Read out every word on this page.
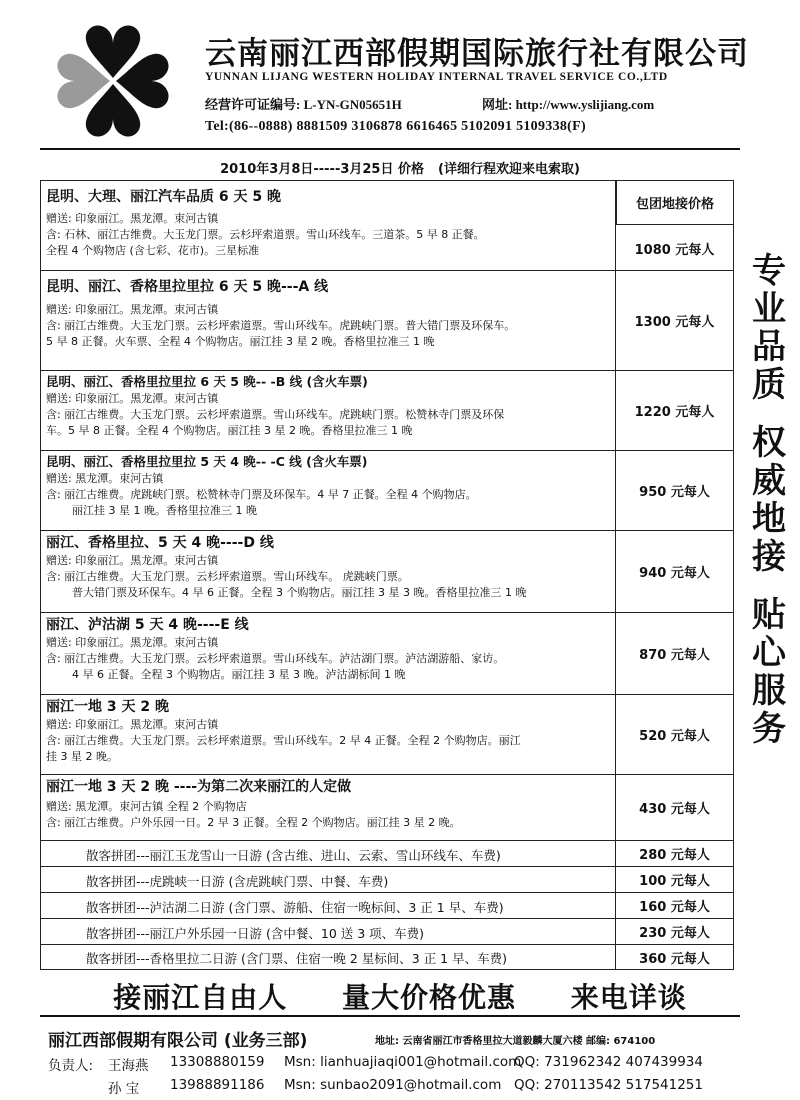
云南丽江西部假期国际旅行社有限公司
YUNNAN LIJANG WESTERN HOLIDAY INTERNAL TRAVEL SERVICE CO.,LTD
经营许可证编号: L-YN-GN05651H	网址: http://www.yslijiang.com
Tel:(86--0888) 8881509 3106878 6616465 5102091 5109338(F)
2010年3月8日-----3月25日 价格 (详细行程欢迎来电索取)
包团地接价格
昆明、大理、丽江汽车品质 6 天 5 晚
赠送: 印象丽江。黑龙潭。束河古镇
含: 石林、丽江古维费。大玉龙门票。云杉坪索道票。雪山环线车。三道茶。5 早 8 正餐。
全程 4 个购物店 (含七彩、花市)。三星标准	1080 元每人
昆明、丽江、香格里拉里拉 6 天 5 晚---A 线
赠送: 印象丽江。黑龙潭。束河古镇
含: 丽江古维费。大玉龙门票。云杉坪索道票。雪山环线车。虎跳峡门票。普大错门票及环保车。
5 早 8 正餐。火车票、全程 4 个购物店。丽江挂 3 星 2 晚。香格里拉准三 1 晚
1300 元每人
昆明、丽江、香格里拉里拉 6 天 5 晚-- -B 线 (含火车票)
赠送: 印象丽江。黑龙潭。束河古镇
含: 丽江古维费。大玉龙门票。云杉坪索道票。雪山环线车。虎跳峡门票。松赞林寺门票及环保
车。5 早 8 正餐。全程 4 个购物店。丽江挂 3 星 2 晚。香格里拉准三 1 晚
1220 元每人
昆明、丽江、香格里拉里拉 5 天 4 晚-- -C 线 (含火车票)
赠送: 黑龙潭。束河古镇
含: 丽江古维费。虎跳峡门票。松赞林寺门票及环保车。4 早 7 正餐。全程 4 个购物店。
丽江挂 3 星 1 晚。香格里拉准三 1 晚
950 元每人
丽江、香格里拉、5 天 4 晚----D 线
赠送: 印象丽江。黑龙潭。束河古镇
含: 丽江古维费。大玉龙门票。云杉坪索道票。雪山环线车。 虎跳峡门票。
普大错门票及环保车。4 早 6 正餐。全程 3 个购物店。丽江挂 3 星 3 晚。香格里拉准三 1 晚
940 元每人
丽江、泸沽湖 5 天 4 晚----E 线
赠送: 印象丽江。黑龙潭。束河古镇
含: 丽江古维费。大玉龙门票。云杉坪索道票。雪山环线车。泸沽湖门票。泸沽湖游船、家访。
4 早 6 正餐。全程 3 个购物店。丽江挂 3 星 3 晚。泸沽湖标间 1 晚
870 元每人
丽江一地 3 天 2 晚
赠送: 印象丽江。黑龙潭。束河古镇
含: 丽江古维费。大玉龙门票。云杉坪索道票。雪山环线车。2 早 4 正餐。全程 2 个购物店。丽江
挂 3 星 2 晚。
520 元每人
丽江一地 3 天 2 晚 ----为第二次来丽江的人定做
赠送: 黑龙潭。束河古镇 全程 2 个购物店
含: 丽江古维费。户外乐园一日。2 早 3 正餐。全程 2 个购物店。丽江挂 3 星 2 晚。
430 元每人
散客拼团---丽江玉龙雪山一日游 (含古维、进山、云索、雪山环线车、车费)	280 元每人
散客拼团---虎跳峡一日游 (含虎跳峡门票、中餐、车费)	100 元每人
散客拼团---泸沽湖二日游 (含门票、游船、住宿一晚标间、3 正 1 早、车费)	160 元每人
散客拼团---丽江户外乐园一日游 (含中餐、10 送 3 项、车费)	230 元每人
散客拼团---香格里拉二日游 (含门票、住宿一晚 2 星标间、3 正 1 早、车费)	360 元每人
专业品质
权威地接
贴心服务
接丽江自由人 量大价格优惠 来电详谈
丽江西部假期有限公司 (业务三部)	地址: 云南省丽江市香格里拉大道毅麟大厦六楼 邮编: 674100
负责人: 王海燕 13308880159 Msn: lianhuajiaqi001@hotmail.com
QQ: 731962342 407439934
孙 宝 13988891186 Msn: sunbao2091@hotmail.com QQ: 270113542 517541251
